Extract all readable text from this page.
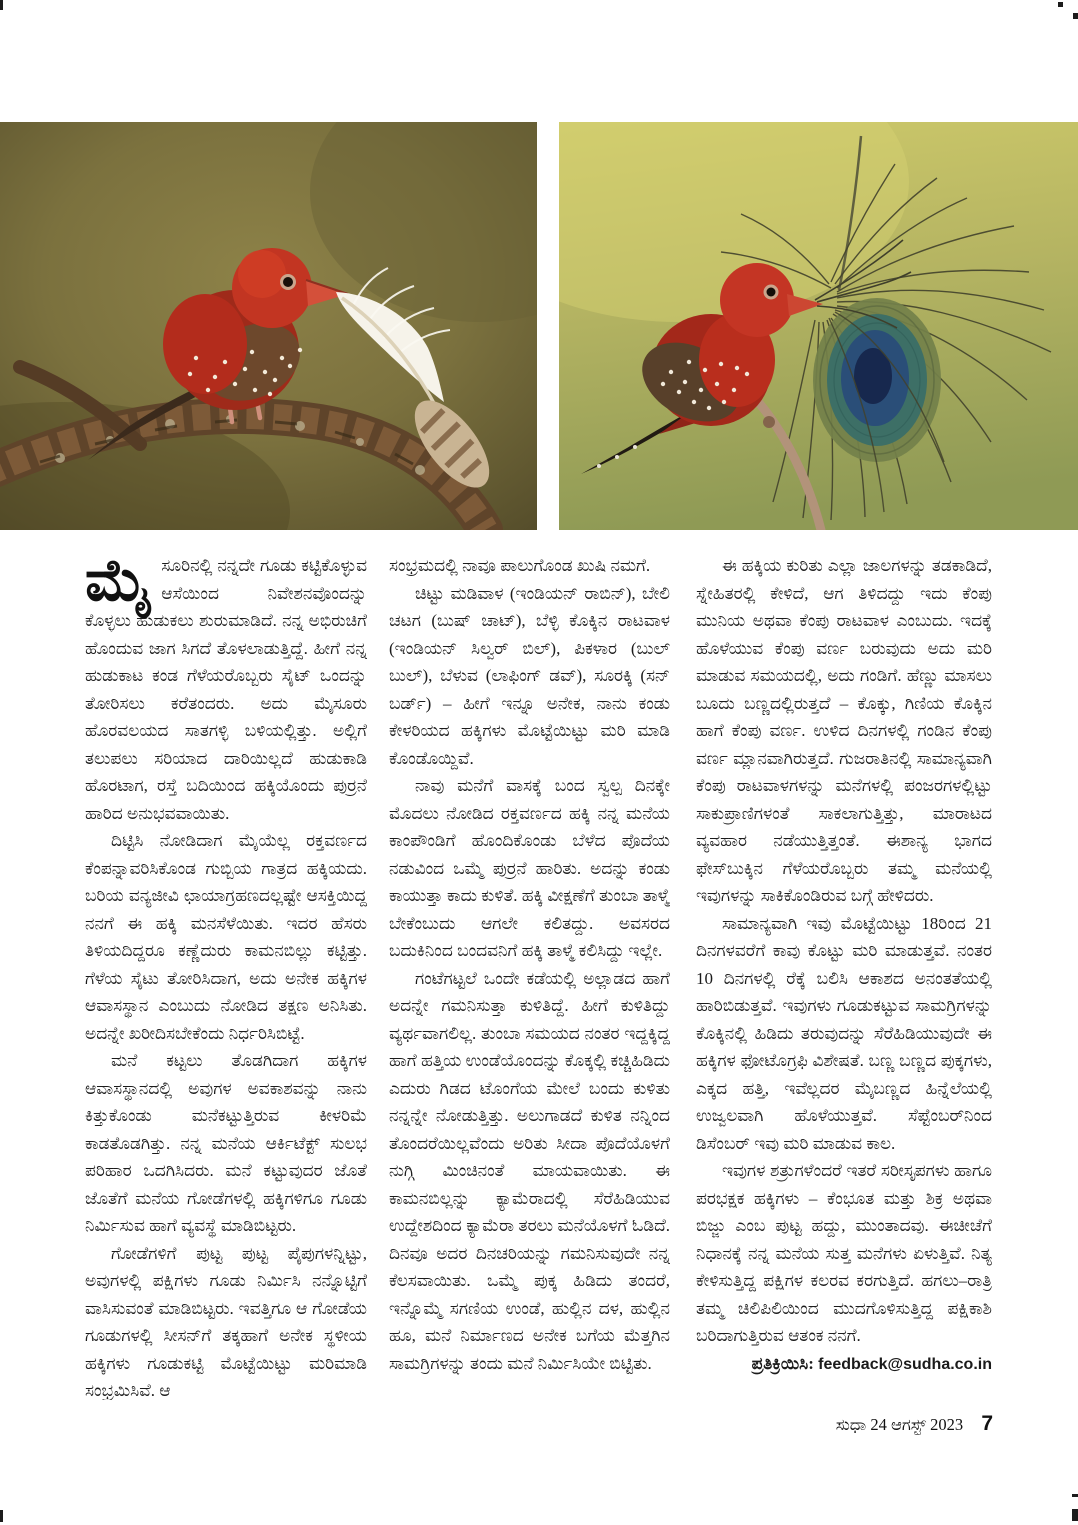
ಮೈಸೂರಿನಲ್ಲಿ ನನ್ನದೇ ಗೂಡು ಕಟ್ಟಿಕೊಳ್ಳುವ ಆಸೆಯಿಂದ ನಿವೇಶನವೊಂದನ್ನು ಕೊಳ್ಳಲು ಹುಡುಕಲು ಶುರುಮಾಡಿದೆ. ನನ್ನ ಅಭಿರುಚಿಗೆ ಹೊಂದುವ ಜಾಗ ಸಿಗದೆ ತೊಳಲಾಡುತ್ತಿದ್ದೆ. ಹೀಗೆ ನನ್ನ ಹುಡುಕಾಟ ಕಂಡ ಗೆಳೆಯರೊಬ್ಬರು ಸೈಟ್ ಒಂದನ್ನು ತೋರಿಸಲು ಕರೆತಂದರು. ಅದು ಮೈಸೂರು ಹೊರವಲಯದ ಸಾತಗಳ್ಳಿ ಬಳಿಯಲ್ಲಿತ್ತು. ಅಲ್ಲಿಗೆ ತಲುಪಲು ಸರಿಯಾದ ದಾರಿಯಿಲ್ಲದೆ ಹುಡುಕಾಡಿ ಹೊರಟಾಗ, ರಸ್ತೆ ಬದಿಯಿಂದ ಹಕ್ಕಿಯೊಂದು ಪುರ್ರನೆ ಹಾರಿದ ಅನುಭವವಾಯಿತು.

ದಿಟ್ಟಿಸಿ ನೋಡಿದಾಗ ಮೈಯೆಲ್ಲ ರಕ್ತವರ್ಣದ ಕೆಂಪನ್ನಾವರಿಸಿಕೊಂಡ ಗುಬ್ಬಿಯ ಗಾತ್ರದ ಹಕ್ಕಿಯದು. ಬರಿಯ ವನ್ಯಜೀವಿ ಛಾಯಾಗ್ರಹಣದಲ್ಲಷ್ಟೇ ಆಸಕ್ತಿಯಿದ್ದ ನನಗೆ ಈ ಹಕ್ಕಿ ಮನಸೆಳೆಯಿತು. ಇದರ ಹೆಸರು ತಿಳಿಯದಿದ್ದರೂ ಕಣ್ಣೆದುರು ಕಾಮನಬಿಲ್ಲು ಕಟ್ಟಿತ್ತು. ಗೆಳೆಯ ಸೈಟು ತೋರಿಸಿದಾಗ, ಅದು ಅನೇಕ ಹಕ್ಕಿಗಳ ಆವಾಸಸ್ಥಾನ ಎಂಬುದು ನೋಡಿದ ತಕ್ಷಣ ಅನಿಸಿತು. ಅದನ್ನೇ ಖರೀದಿಸಬೇಕೆಂದು ನಿರ್ಧರಿಸಿಬಿಟ್ಟೆ.

ಮನೆ ಕಟ್ಟಲು ತೊಡಗಿದಾಗ ಹಕ್ಕಿಗಳ ಆವಾಸಸ್ಥಾನದಲ್ಲಿ ಅವುಗಳ ಅವಕಾಶವನ್ನು ನಾನು ಕಿತ್ತುಕೊಂಡು ಮನೆಕಟ್ಟುತ್ತಿರುವ ಕೀಳರಿಮೆ ಕಾಡತೊಡಗಿತ್ತು. ನನ್ನ ಮನೆಯ ಆರ್ಕಿಟೆಕ್ಟ್ ಸುಲಭ ಪರಿಹಾರ ಒದಗಿಸಿದರು. ಮನೆ ಕಟ್ಟುವುದರ ಜೊತೆ ಜೊತೆಗೆ ಮನೆಯ ಗೋಡೆಗಳಲ್ಲಿ ಹಕ್ಕಿಗಳಿಗೂ ಗೂಡು ನಿರ್ಮಿಸುವ ಹಾಗೆ ವ್ಯವಸ್ಥೆ ಮಾಡಿಬಿಟ್ಟರು.

ಗೋಡೆಗಳಿಗೆ ಪುಟ್ಟ ಪುಟ್ಟ ಪೈಪುಗಳನ್ನಿಟ್ಟು, ಅವುಗಳಲ್ಲಿ ಪಕ್ಷಿಗಳು ಗೂಡು ನಿರ್ಮಿಸಿ ನನ್ನೊಟ್ಟಿಗೆ ವಾಸಿಸುವಂತೆ ಮಾಡಿಬಿಟ್ಟರು. ಇವತ್ತಿಗೂ ಆ ಗೋಡೆಯ ಗೂಡುಗಳಲ್ಲಿ ಸೀಸನ್‌ಗೆ ತಕ್ಕಹಾಗೆ ಅನೇಕ ಸ್ಥಳೀಯ ಹಕ್ಕಿಗಳು ಗೂಡುಕಟ್ಟಿ ಮೊಟ್ಟೆಯಿಟ್ಟು ಮರಿಮಾಡಿ ಸಂಭ್ರಮಿಸಿವೆ. ಆ

ಸಂಭ್ರಮದಲ್ಲಿ ನಾವೂ ಪಾಲುಗೊಂಡ ಖುಷಿ ನಮಗೆ.

ಚಿಟ್ಟು ಮಡಿವಾಳ (ಇಂಡಿಯನ್ ರಾಬಿನ್), ಬೇಲಿ ಚಟಗ (ಬುಷ್ ಚಾಟ್), ಬೆಳ್ಳಿ ಕೊಕ್ಕಿನ ರಾಟವಾಳ (ಇಂಡಿಯನ್ ಸಿಲ್ವರ್ ಬಿಲ್), ಪಿಕಳಾರ (ಬುಲ್ ಬುಲ್), ಬೆಳುವ (ಲಾಫಿಂಗ್ ಡವ್), ಸೂರಕ್ಕಿ (ಸನ್ ಬರ್ಡ್) – ಹೀಗೆ ಇನ್ನೂ ಅನೇಕ, ನಾನು ಕಂಡು ಕೇಳರಿಯದ ಹಕ್ಕಿಗಳು ಮೊಟ್ಟೆಯಿಟ್ಟು ಮರಿ ಮಾಡಿ ಕೊಂಡೊಯ್ದಿವೆ.

ನಾವು ಮನೆಗೆ ವಾಸಕ್ಕೆ ಬಂದ ಸ್ವಲ್ಪ ದಿನಕ್ಕೇ ಮೊದಲು ನೋಡಿದ ರಕ್ತವರ್ಣದ ಹಕ್ಕಿ ನನ್ನ ಮನೆಯ ಕಾಂಪೌಂಡಿಗೆ ಹೊಂದಿಕೊಂಡು ಬೆಳೆದ ಪೊದೆಯ ನಡುವಿಂದ ಒಮ್ಮೆ ಪುರ್ರನೆ ಹಾರಿತು. ಅದನ್ನು ಕಂಡು ಕಾಯುತ್ತಾ ಕಾದು ಕುಳಿತೆ. ಹಕ್ಕಿ ವೀಕ್ಷಣೆಗೆ ತುಂಬಾ ತಾಳ್ಮೆ ಬೇಕೆಂಬುದು ಆಗಲೇ ಕಲಿತದ್ದು. ಅವಸರದ ಬದುಕಿನಿಂದ ಬಂದವನಿಗೆ ಹಕ್ಕಿ ತಾಳ್ಮೆ ಕಲಿಸಿದ್ದು ಇಲ್ಲೇ.

ಗಂಟೆಗಟ್ಟಲೆ ಒಂದೇ ಕಡೆಯಲ್ಲಿ ಅಲ್ಲಾಡದ ಹಾಗೆ ಅದನ್ನೇ ಗಮನಿಸುತ್ತಾ ಕುಳಿತಿದ್ದೆ. ಹೀಗೆ ಕುಳಿತಿದ್ದು ವ್ಯರ್ಥವಾಗಲಿಲ್ಲ. ತುಂಬಾ ಸಮಯದ ನಂತರ ಇದ್ದಕ್ಕಿದ್ದ ಹಾಗೆ ಹತ್ತಿಯ ಉಂಡೆಯೊಂದನ್ನು ಕೊಕ್ಕಲ್ಲಿ ಕಚ್ಚಿಹಿಡಿದು ಎದುರು ಗಿಡದ ಟೊಂಗೆಯ ಮೇಲೆ ಬಂದು ಕುಳಿತು ನನ್ನನ್ನೇ ನೋಡುತ್ತಿತ್ತು. ಅಲುಗಾಡದೆ ಕುಳಿತ ನನ್ನಿಂದ ತೊಂದರೆಯಿಲ್ಲವೆಂದು ಅರಿತು ಸೀದಾ ಪೊದೆಯೊಳಗೆ ನುಗ್ಗಿ ಮಿಂಚಿನಂತೆ ಮಾಯವಾಯಿತು. ಈ ಕಾಮನಬಿಲ್ಲನ್ನು ಕ್ಯಾಮೆರಾದಲ್ಲಿ ಸೆರೆಹಿಡಿಯುವ ಉದ್ದೇಶದಿಂದ ಕ್ಯಾಮೆರಾ ತರಲು ಮನೆಯೊಳಗೆ ಓಡಿದೆ. ದಿನವೂ ಅದರ ದಿನಚರಿಯನ್ನು ಗಮನಿಸುವುದೇ ನನ್ನ ಕೆಲಸವಾಯಿತು. ಒಮ್ಮೆ ಪುಕ್ಕ ಹಿಡಿದು ತಂದರೆ, ಇನ್ನೊಮ್ಮೆ ಸಗಣಿಯ ಉಂಡೆ, ಹುಲ್ಲಿನ ದಳ, ಹುಲ್ಲಿನ ಹೂ, ಮನೆ ನಿರ್ಮಾಣದ ಅನೇಕ ಬಗೆಯ ಮೆತ್ತಗಿನ ಸಾಮಗ್ರಿಗಳನ್ನು ತಂದು ಮನೆ ನಿರ್ಮಿಸಿಯೇ ಬಿಟ್ಟಿತು.

ಈ ಹಕ್ಕಿಯ ಕುರಿತು ಎಲ್ಲಾ ಜಾಲಗಳನ್ನು ತಡಕಾಡಿದೆ, ಸ್ನೇಹಿತರಲ್ಲಿ ಕೇಳಿದೆ, ಆಗ ತಿಳಿದದ್ದು ಇದು ಕೆಂಪು ಮುನಿಯ ಅಥವಾ ಕೆಂಪು ರಾಟವಾಳ ಎಂಬುದು. ಇದಕ್ಕೆ ಹೊಳೆಯುವ ಕೆಂಪು ವರ್ಣ ಬರುವುದು ಅದು ಮರಿ ಮಾಡುವ ಸಮಯದಲ್ಲಿ, ಅದು ಗಂಡಿಗೆ. ಹೆಣ್ಣು ಮಾಸಲು ಬೂದು ಬಣ್ಣದಲ್ಲಿರುತ್ತದೆ – ಕೊಕ್ಕು, ಗಿಣಿಯ ಕೊಕ್ಕಿನ ಹಾಗೆ ಕೆಂಪು ವರ್ಣ. ಉಳಿದ ದಿನಗಳಲ್ಲಿ ಗಂಡಿನ ಕೆಂಪು ವರ್ಣ ಮ್ಲಾನವಾಗಿರುತ್ತದೆ. ಗುಜರಾತಿನಲ್ಲಿ ಸಾಮಾನ್ಯವಾಗಿ ಕೆಂಪು ರಾಟವಾಳಗಳನ್ನು ಮನೆಗಳಲ್ಲಿ ಪಂಜರಗಳಲ್ಲಿಟ್ಟು ಸಾಕುಪ್ರಾಣಿಗಳಂತೆ ಸಾಕಲಾಗುತ್ತಿತ್ತು, ಮಾರಾಟದ ವ್ಯವಹಾರ ನಡೆಯುತ್ತಿತ್ತಂತೆ. ಈಶಾನ್ಯ ಭಾಗದ ಫೇಸ್‌ಬುಕ್ಕಿನ ಗೆಳೆಯರೊಬ್ಬರು ತಮ್ಮ ಮನೆಯಲ್ಲಿ ಇವುಗಳನ್ನು ಸಾಕಿಕೊಂಡಿರುವ ಬಗ್ಗೆ ಹೇಳಿದರು.

ಸಾಮಾನ್ಯವಾಗಿ ಇವು ಮೊಟ್ಟೆಯಿಟ್ಟು 18ರಿಂದ 21 ದಿನಗಳವರೆಗೆ ಕಾವು ಕೊಟ್ಟು ಮರಿ ಮಾಡುತ್ತವೆ. ನಂತರ 10 ದಿನಗಳಲ್ಲಿ ರೆಕ್ಕೆ ಬಲಿಸಿ ಆಕಾಶದ ಅನಂತತೆಯಲ್ಲಿ ಹಾರಿಬಿಡುತ್ತವೆ. ಇವುಗಳು ಗೂಡುಕಟ್ಟುವ ಸಾಮಗ್ರಿಗಳನ್ನು ಕೊಕ್ಕಿನಲ್ಲಿ ಹಿಡಿದು ತರುವುದನ್ನು ಸೆರೆಹಿಡಿಯುವುದೇ ಈ ಹಕ್ಕಿಗಳ ಫೋಟೊಗ್ರಫಿ ವಿಶೇಷತೆ. ಬಣ್ಣ ಬಣ್ಣದ ಪುಕ್ಕಗಳು, ಎಕ್ಕದ ಹತ್ತಿ, ಇವೆಲ್ಲದರ ಮೈಬಣ್ಣದ ಹಿನ್ನೆಲೆಯಲ್ಲಿ ಉಜ್ವಲವಾಗಿ ಹೊಳೆಯುತ್ತವೆ. ಸೆಪ್ಟೆಂಬರ್‌ನಿಂದ ಡಿಸೆಂಬರ್ ಇವು ಮರಿ ಮಾಡುವ ಕಾಲ.

ಇವುಗಳ ಶತ್ರುಗಳೆಂದರೆ ಇತರೆ ಸರೀಸೃಪಗಳು ಹಾಗೂ ಪರಭಕ್ಷಕ ಹಕ್ಕಿಗಳು – ಕೆಂಭೂತ ಮತ್ತು ಶಿಕ್ರ ಅಥವಾ ಬಿಜ್ಜು ಎಂಬ ಪುಟ್ಟ ಹದ್ದು, ಮುಂತಾದವು. ಈಚೀಚೆಗೆ ನಿಧಾನಕ್ಕೆ ನನ್ನ ಮನೆಯ ಸುತ್ತ ಮನೆಗಳು ಏಳುತ್ತಿವೆ. ನಿತ್ಯ ಕೇಳಿಸುತ್ತಿದ್ದ ಪಕ್ಷಿಗಳ ಕಲರವ ಕರಗುತ್ತಿದೆ. ಹಗಲು–ರಾತ್ರಿ ತಮ್ಮ ಚಿಲಿಪಿಲಿಯಿಂದ ಮುದಗೊಳಿಸುತ್ತಿದ್ದ ಪಕ್ಷಿಕಾಶಿ ಬರಿದಾಗುತ್ತಿರುವ ಆತಂಕ ನನಗೆ.

ಪ್ರತಿಕ್ರಿಯಿಸಿ: feedback@sudha.co.in

ಸುಧಾ 24 ಆಗಸ್ಟ್ 2023 7
